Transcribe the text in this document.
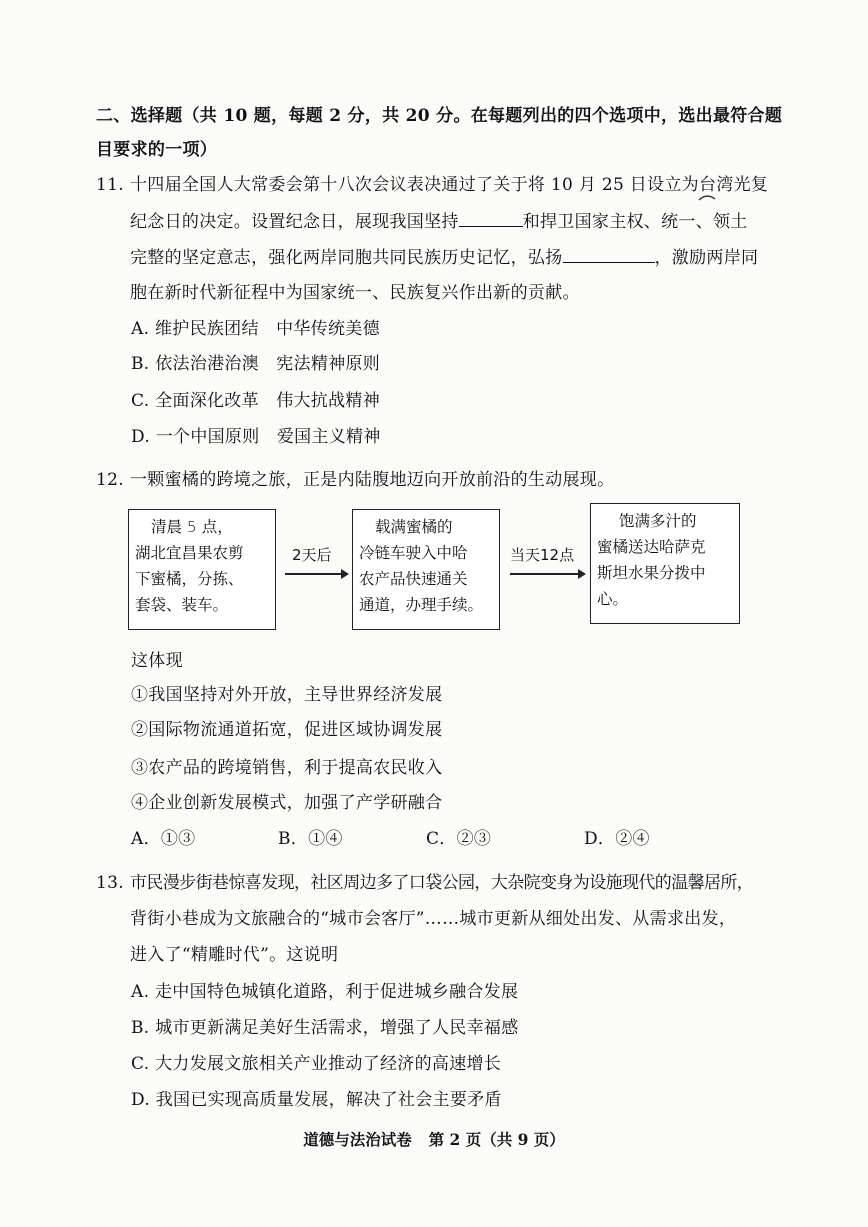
二、选择题（共 10 题，每题 2 分，共 20 分。在每题列出的四个选项中，选出最符合题
目要求的一项）
11. 十四届全国人大常委会第十八次会议表决通过了关于将 10 月 25 日设立为台
湾光复
纪念日的决定。设置纪念日，展现我国坚持	和捍卫国家主权、统一、领土
完整的坚定意志，强化两岸同胞共同民族历史记忆，弘扬	，激励两岸同
胞在新时代新征程中为国家统一、民族复兴作出新的贡献。
A. 维护民族团结　中华传统美德
B. 依法治港治澳　宪法精神原则
C. 全面深化改革　伟大抗战精神
D. 一个中国原则　爱国主义精神
12. 一颗蜜橘的跨境之旅，正是内陆腹地迈向开放前沿的生动展现。
清晨 5 点，
湖北宜昌果农剪
下蜜橘，分拣、
套袋、装车。
2天后
载满蜜橘的
冷链车驶入中哈
农产品快速通关
通道，办理手续。
当天12点
饱满多汁的
蜜橘送达哈萨克
斯坦水果分拨中
心。
这体现
①我国坚持对外开放，主导世界经济发展
②国际物流通道拓宽，促进区域协调发展
③农产品的跨境销售，利于提高农民收入
④企业创新发展模式，加强了产学研融合
A．①③	B．①④	C．②③	D．②④
13. 市民漫步街巷惊喜发现，社区周边多了口袋公园，大杂院变身为设施现代的温馨居所，
背街小巷成为文旅融合的“城市会客厅”……城市更新从细处出发、从需求出发，
进入了“精雕时代”。这说明
A. 走中国特色城镇化道路，利于促进城乡融合发展
B. 城市更新满足美好生活需求，增强了人民幸福感
C. 大力发展文旅相关产业推动了经济的高速增长
D. 我国已实现高质量发展，解决了社会主要矛盾
道德与法治试卷 第 2 页（共 9 页）
